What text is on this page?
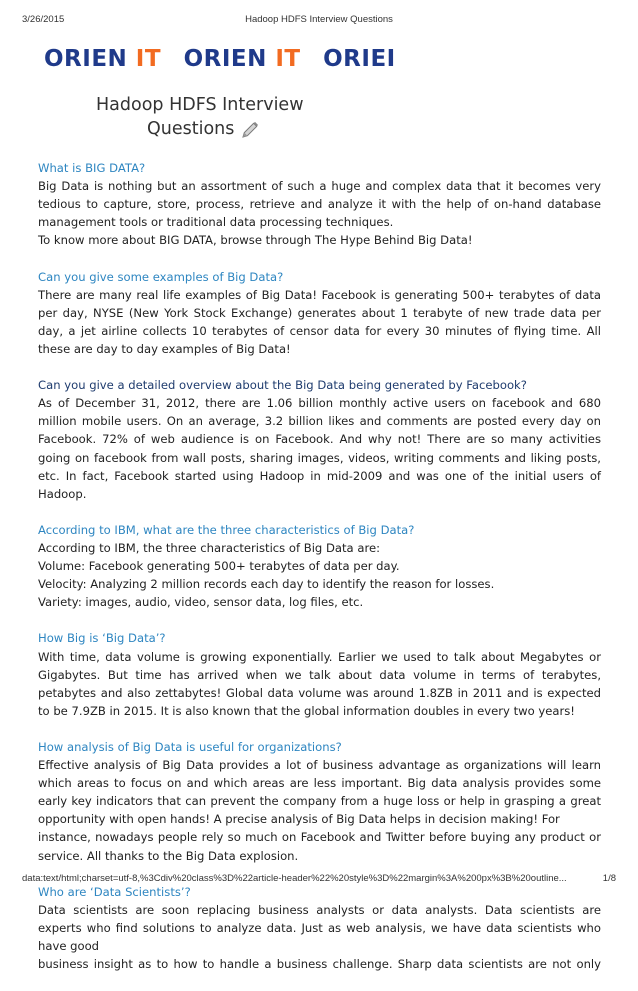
3/26/2015	Hadoop HDFS Interview Questions
ORIEN IT ORIEN IT ORIEI
Hadoop HDFS Interview
Questions
What is BIG DATA?

Big Data is nothing but an assortment of such a huge and complex data that it becomes very tedious to capture, store, process, retrieve and analyze it with the help of on-hand database management tools or traditional data processing techniques.

To know more about BIG DATA, browse through The Hype Behind Big Data!

Can you give some examples of Big Data?

There are many real life examples of Big Data! Facebook is generating 500+ terabytes of data per day, NYSE (New York Stock Exchange) generates about 1 terabyte of new trade data per day, a jet airline collects 10 terabytes of censor data for every 30 minutes of flying time. All these are day to day examples of Big Data!

Can you give a detailed overview about the Big Data being generated by Facebook?

As of December 31, 2012, there are 1.06 billion monthly active users on facebook and 680 million mobile users. On an average, 3.2 billion likes and comments are posted every day on Facebook. 72% of web audience is on Facebook. And why not! There are so many activities going on facebook from wall posts, sharing images, videos, writing comments and liking posts, etc. In fact, Facebook started using Hadoop in mid-2009 and was one of the initial users of Hadoop.

According to IBM, what are the three characteristics of Big Data?

According to IBM, the three characteristics of Big Data are:

Volume: Facebook generating 500+ terabytes of data per day.

Velocity: Analyzing 2 million records each day to identify the reason for losses.

Variety: images, audio, video, sensor data, log files, etc.

How Big is ‘Big Data’?

With time, data volume is growing exponentially. Earlier we used to talk about Megabytes or Gigabytes. But time has arrived when we talk about data volume in terms of terabytes, petabytes and also zettabytes! Global data volume was around 1.8ZB in 2011 and is expected to be 7.9ZB in 2015. It is also known that the global information doubles in every two years!

How analysis of Big Data is useful for organizations?

Effective analysis of Big Data provides a lot of business advantage as organizations will learn which areas to focus on and which areas are less important. Big data analysis provides some early key indicators that can prevent the company from a huge loss or help in grasping a great opportunity with open hands! A precise analysis of Big Data helps in decision making! For

instance, nowadays people rely so much on Facebook and Twitter before buying any product or service. All thanks to the Big Data explosion.

Who are ‘Data Scientists’?

Data scientists are soon replacing business analysts or data analysts. Data scientists are experts who find solutions to analyze data. Just as web analysis, we have data scientists who have good

business insight as to how to handle a business challenge. Sharp data scientists are not only

data:text/html;charset=utf-8,%3Cdiv%20class%3D%22article-header%22%20style%3D%22margin%3A%200px%3B%20outline...	1/8
